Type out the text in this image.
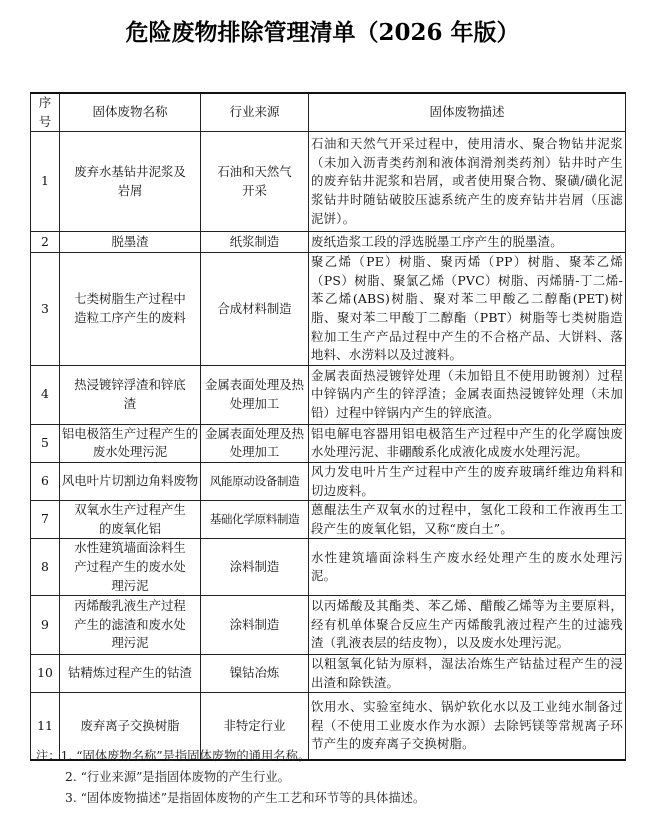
危险废物排除管理清单（2026 年版）
序号	固体废物名称	行业来源	固体废物描述
1	废弃水基钻井泥浆及岩屑	石油和天然气开采	石油和天然气开采过程中，使用清水、聚合物钻井泥浆（未加入沥青类药剂和液体润滑剂类药剂）钻井时产生的废弃钻井泥浆和岩屑，或者使用聚合物、聚磺/磺化泥浆钻井时随钻破胶压滤系统产生的废弃钻井岩屑（压滤泥饼）。
2	脱墨渣	纸浆制造	废纸造浆工段的浮选脱墨工序产生的脱墨渣。
3	七类树脂生产过程中造粒工序产生的废料	合成材料制造	聚乙烯（PE）树脂、聚丙烯（PP）树脂、聚苯乙烯（PS）树脂、聚氯乙烯（PVC）树脂、丙烯腈-丁二烯-苯乙烯(ABS)树脂、聚对苯二甲酸乙二醇酯(PET)树脂、聚对苯二甲酸丁二醇酯（PBT）树脂等七类树脂造粒加工生产产品过程中产生的不合格产品、大饼料、落地料、水涝料以及过渡料。
4	热浸镀锌浮渣和锌底渣	金属表面处理及热处理加工	金属表面热浸镀锌处理（未加铅且不使用助镀剂）过程中锌锅内产生的锌浮渣；金属表面热浸镀锌处理（未加铅）过程中锌锅内产生的锌底渣。
5	铝电极箔生产过程产生的废水处理污泥	金属表面处理及热处理加工	铝电解电容器用铝电极箔生产过程中产生的化学腐蚀废水处理污泥、非硼酸系化成液化成废水处理污泥。
6	风电叶片切割边角料废物	风能原动设备制造	风力发电叶片生产过程中产生的废弃玻璃纤维边角料和切边废料。
7	双氧水生产过程产生的废氧化铝	基础化学原料制造	蒽醌法生产双氧水的过程中，氢化工段和工作液再生工段产生的废氧化铝，又称“废白土”。
8	水性建筑墙面涂料生产过程产生的废水处理污泥	涂料制造	水性建筑墙面涂料生产废水经处理产生的废水处理污泥。
9	丙烯酸乳液生产过程产生的滤渣和废水处理污泥	涂料制造	以丙烯酸及其酯类、苯乙烯、醋酸乙烯等为主要原料，经有机单体聚合反应生产丙烯酸乳液过程产生的过滤残渣（乳液表层的结皮物），以及废水处理污泥。
10	钴精炼过程产生的钴渣	镍钴冶炼	以粗氢氧化钴为原料，湿法冶炼生产钴盐过程产生的浸出渣和除铁渣。
11	废弃离子交换树脂	非特定行业	饮用水、实验室纯水、锅炉软化水以及工业纯水制备过程（不使用工业废水作为水源）去除钙镁等常规离子环节产生的废弃离子交换树脂。
注：1. “固体废物名称”是指固体废物的通用名称。
2. “行业来源”是指固体废物的产生行业。
3. “固体废物描述”是指固体废物的产生工艺和环节等的具体描述。
